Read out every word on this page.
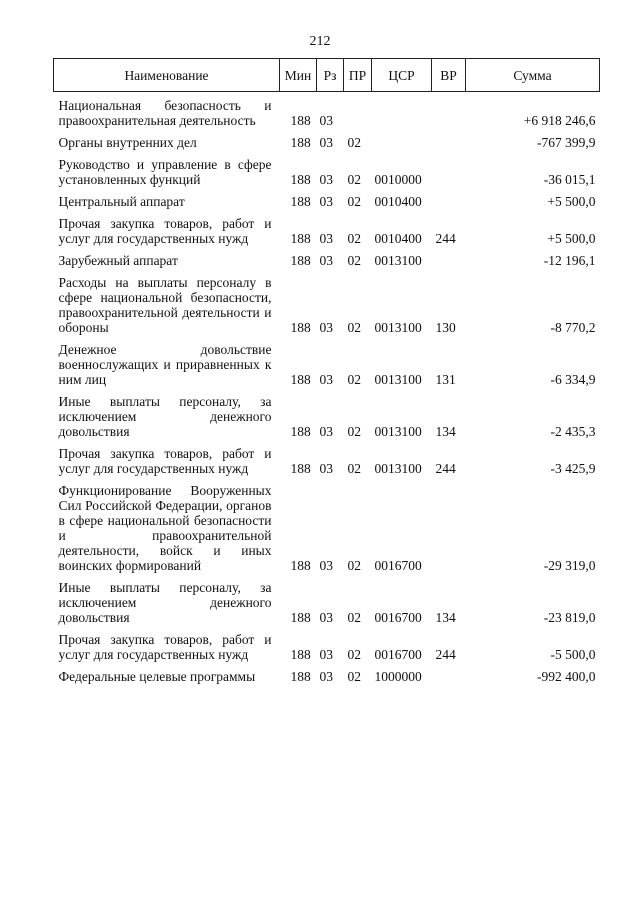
212
Наименование	Мин	Рз	ПР	ЦСР	ВР	Сумма
Национальная безопасность и правоохранительная деятельность	188	03				+6 918 246,6
Органы внутренних дел	188	03	02			-767 399,9
Руководство и управление в сфере установленных функций	188	03	02	0010000		-36 015,1
Центральный аппарат	188	03	02	0010400		+5 500,0
Прочая закупка товаров, работ и услуг для государственных нужд	188	03	02	0010400	244	+5 500,0
Зарубежный аппарат	188	03	02	0013100		-12 196,1
Расходы на выплаты персоналу в сфере национальной безопасности, правоохранительной деятельности и обороны	188	03	02	0013100	130	-8 770,2
Денежное довольствие военнослужащих и приравненных к ним лиц	188	03	02	0013100	131	-6 334,9
Иные выплаты персоналу, за исключением денежного довольствия	188	03	02	0013100	134	-2 435,3
Прочая закупка товаров, работ и услуг для государственных нужд	188	03	02	0013100	244	-3 425,9
Функционирование Вооруженных Сил Российской Федерации, органов в сфере национальной безопасности и правоохранительной деятельности, войск и иных воинских формирований	188	03	02	0016700		-29 319,0
Иные выплаты персоналу, за исключением денежного довольствия	188	03	02	0016700	134	-23 819,0
Прочая закупка товаров, работ и услуг для государственных нужд	188	03	02	0016700	244	-5 500,0
Федеральные целевые программы	188	03	02	1000000		-992 400,0
